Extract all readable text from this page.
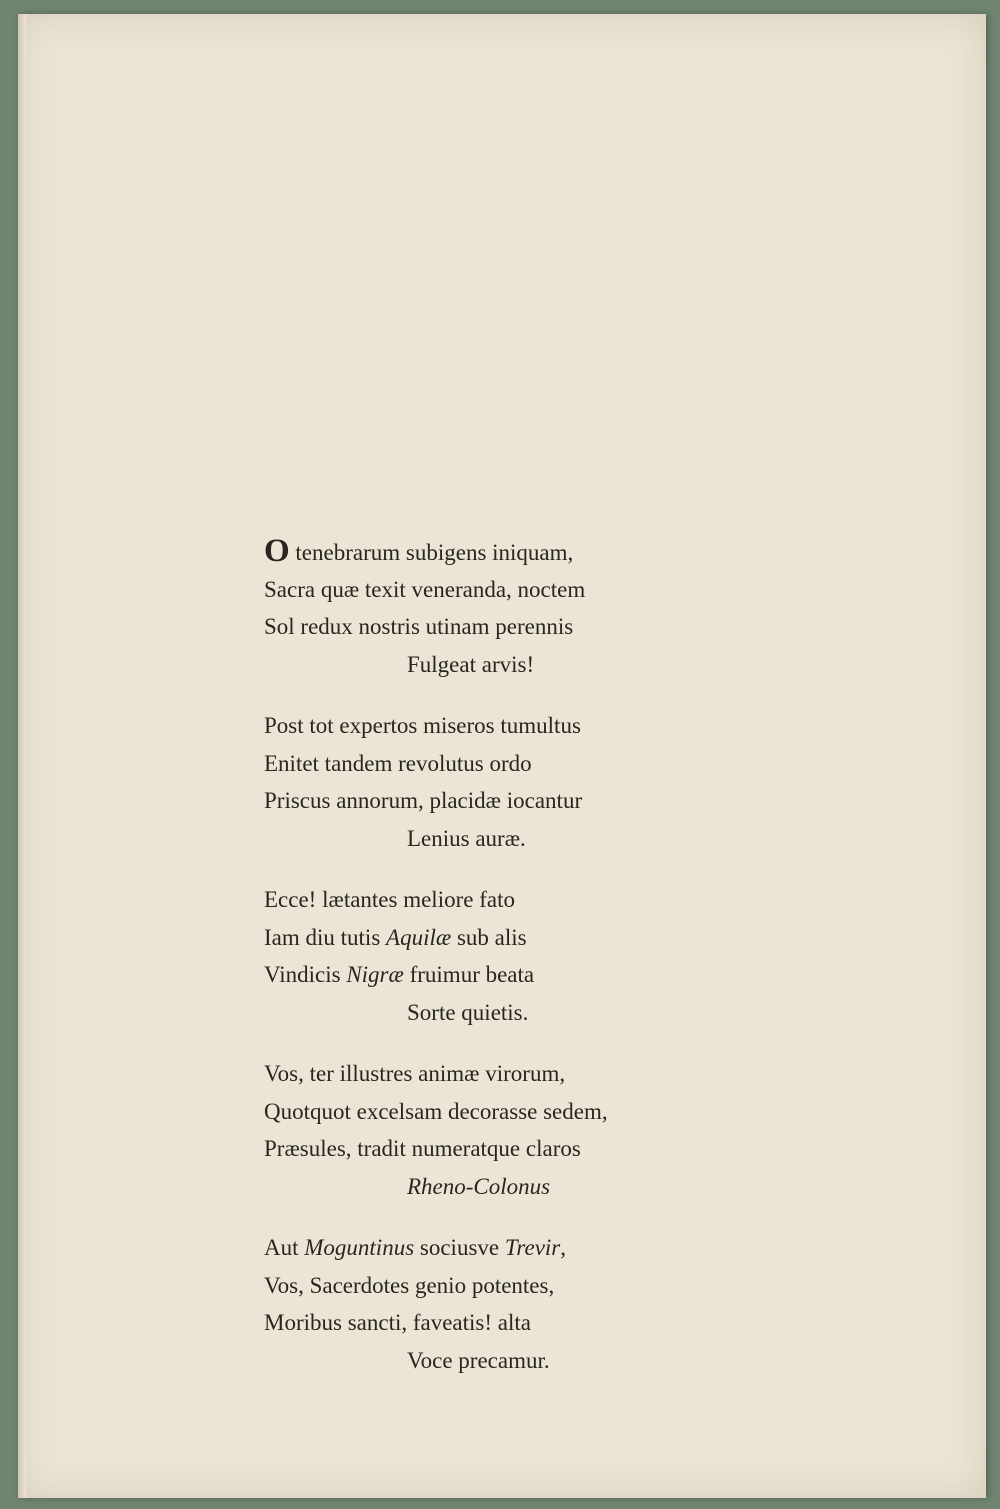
O tenebrarum subigens iniquam,
Sacra quæ texit veneranda, noctem
Sol redux nostris utinam perennis
Fulgeat arvis!
Post tot expertos miseros tumultus
Enitet tandem revolutus ordo
Priscus annorum, placidæ iocantur
Lenius auræ.
Ecce! lætantes meliore fato
Iam diu tutis Aquilæ sub alis
Vindicis Nigræ fruimur beata
Sorte quietis.
Vos, ter illustres animæ virorum,
Quotquot excelsam decorasse sedem,
Præsules, tradit numeratque claros
Rheno-Colonus
Aut Moguntinus sociusve Trevir,
Vos, Sacerdotes genio potentes,
Moribus sancti, faveatis! alta
Voce precamur.
